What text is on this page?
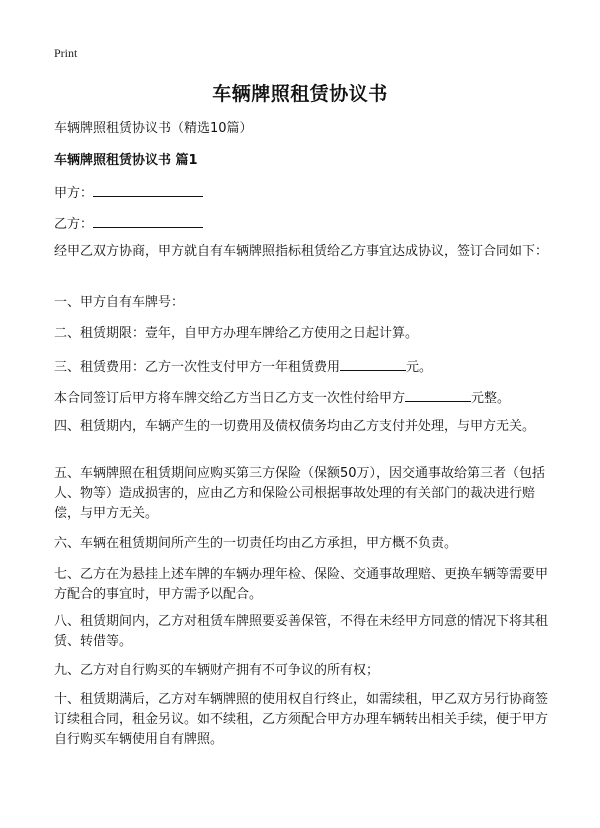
Print
车辆牌照租赁协议书
车辆牌照租赁协议书（精选10篇）
车辆牌照租赁协议书 篇1
甲方：
乙方：
经甲乙双方协商，甲方就自有车辆牌照指标租赁给乙方事宜达成协议，签订合同如下：
一、甲方自有车牌号：
二、租赁期限：壹年，自甲方办理车牌给乙方使用之日起计算。
三、租赁费用：乙方一次性支付甲方一年租赁费用	元。
本合同签订后甲方将车牌交给乙方当日乙方支一次性付给甲方	元整。
四、租赁期内，车辆产生的一切费用及债权债务均由乙方支付并处理，与甲方无关。
五、车辆牌照在租赁期间应购买第三方保险（保额50万），因交通事故给第三者（包括人、物等）造成损害的，应由乙方和保险公司根据事故处理的有关部门的裁决进行赔偿，与甲方无关。
六、车辆在租赁期间所产生的一切责任均由乙方承担，甲方概不负责。
七、乙方在为悬挂上述车牌的车辆办理年检、保险、交通事故理赔、更换车辆等需要甲方配合的事宜时，甲方需予以配合。
八、租赁期间内，乙方对租赁车牌照要妥善保管，不得在未经甲方同意的情况下将其租赁、转借等。
九、乙方对自行购买的车辆财产拥有不可争议的所有权；
十、租赁期满后，乙方对车辆牌照的使用权自行终止，如需续租，甲乙双方另行协商签订续租合同，租金另议。如不续租，乙方须配合甲方办理车辆转出相关手续，便于甲方自行购买车辆使用自有牌照。
